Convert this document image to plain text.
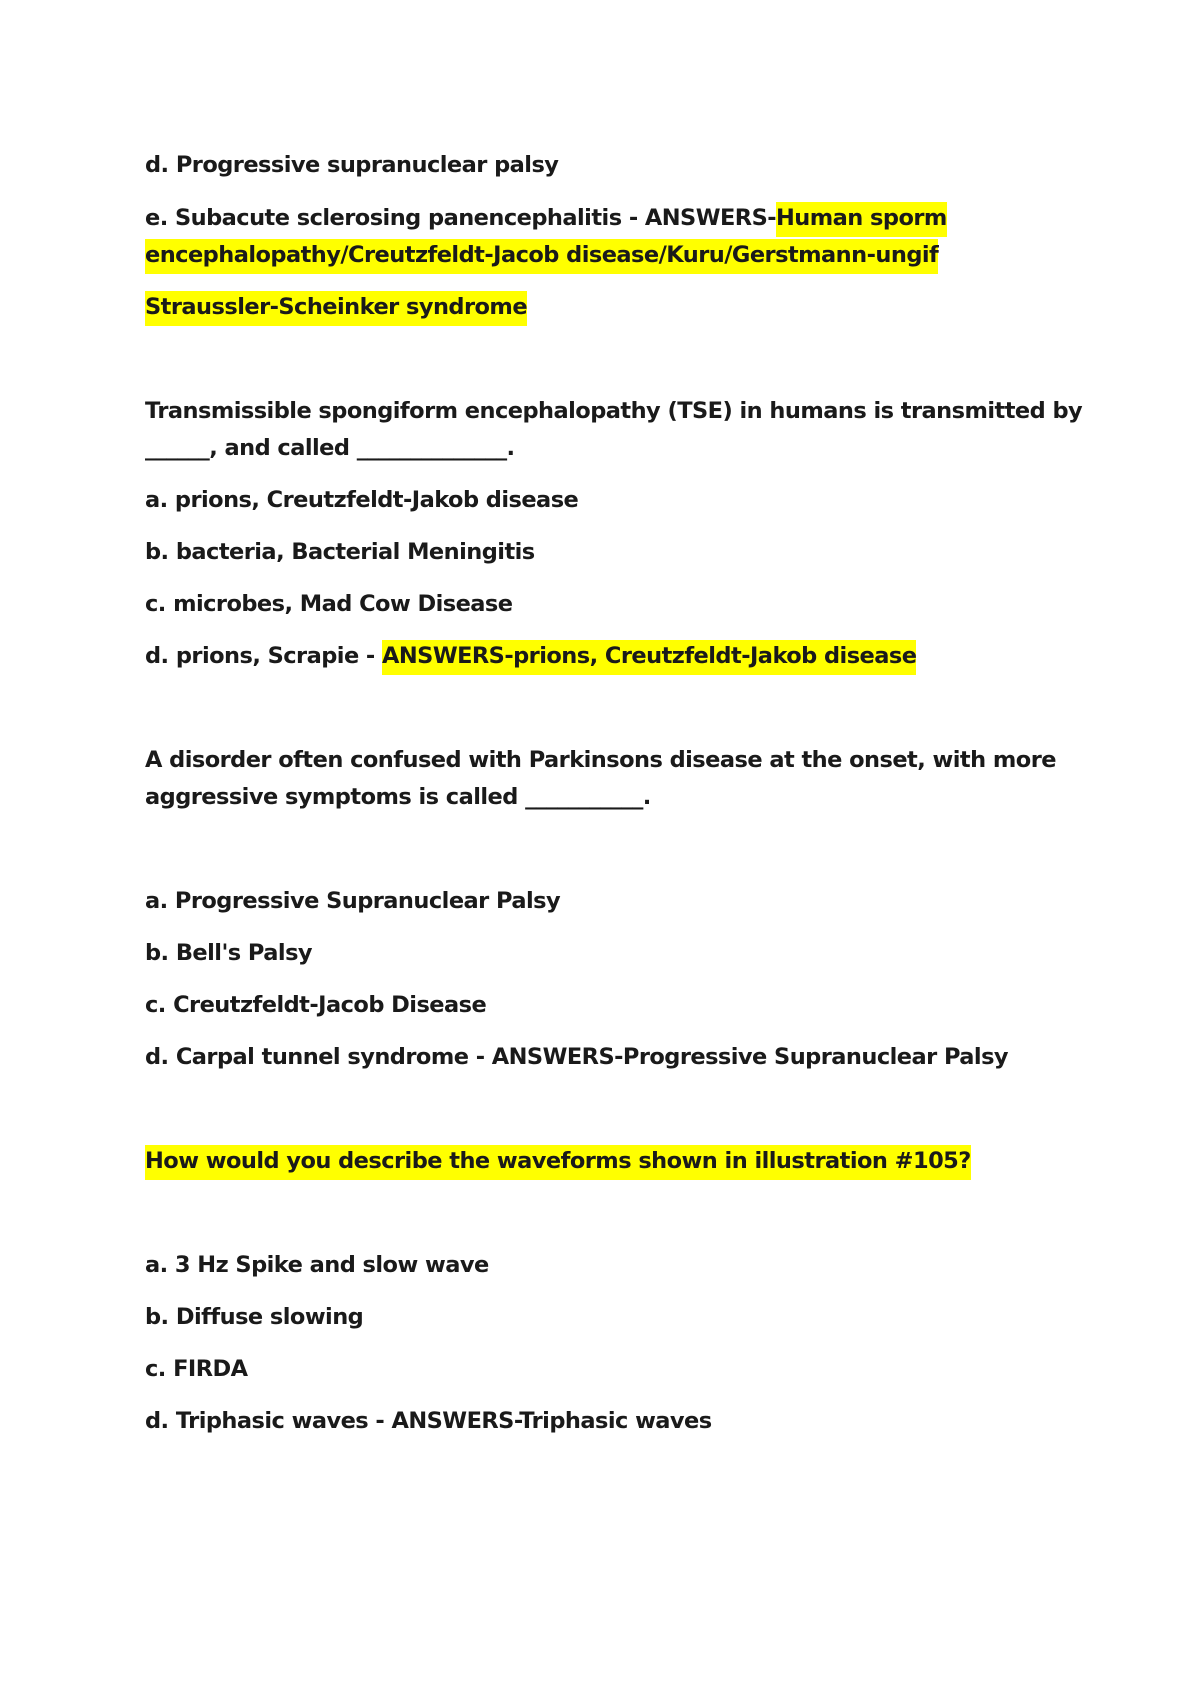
d. Progressive supranuclear palsy
e. Subacute sclerosing panencephalitis - ANSWERS-Human sporm
encephalopathy/Creutzfeldt-Jacob disease/Kuru/Gerstmann-ungif
Straussler-Scheinker syndrome
Transmissible spongiform encephalopathy (TSE) in humans is transmitted by
______, and called ______________.
a. prions, Creutzfeldt-Jakob disease
b. bacteria, Bacterial Meningitis
c. microbes, Mad Cow Disease
d. prions, Scrapie - ANSWERS-prions, Creutzfeldt-Jakob disease
A disorder often confused with Parkinsons disease at the onset, with more
aggressive symptoms is called ___________.
a. Progressive Supranuclear Palsy
b. Bell's Palsy
c. Creutzfeldt-Jacob Disease
d. Carpal tunnel syndrome - ANSWERS-Progressive Supranuclear Palsy
How would you describe the waveforms shown in illustration #105?
a. 3 Hz Spike and slow wave
b. Diffuse slowing
c. FIRDA
d. Triphasic waves - ANSWERS-Triphasic waves
